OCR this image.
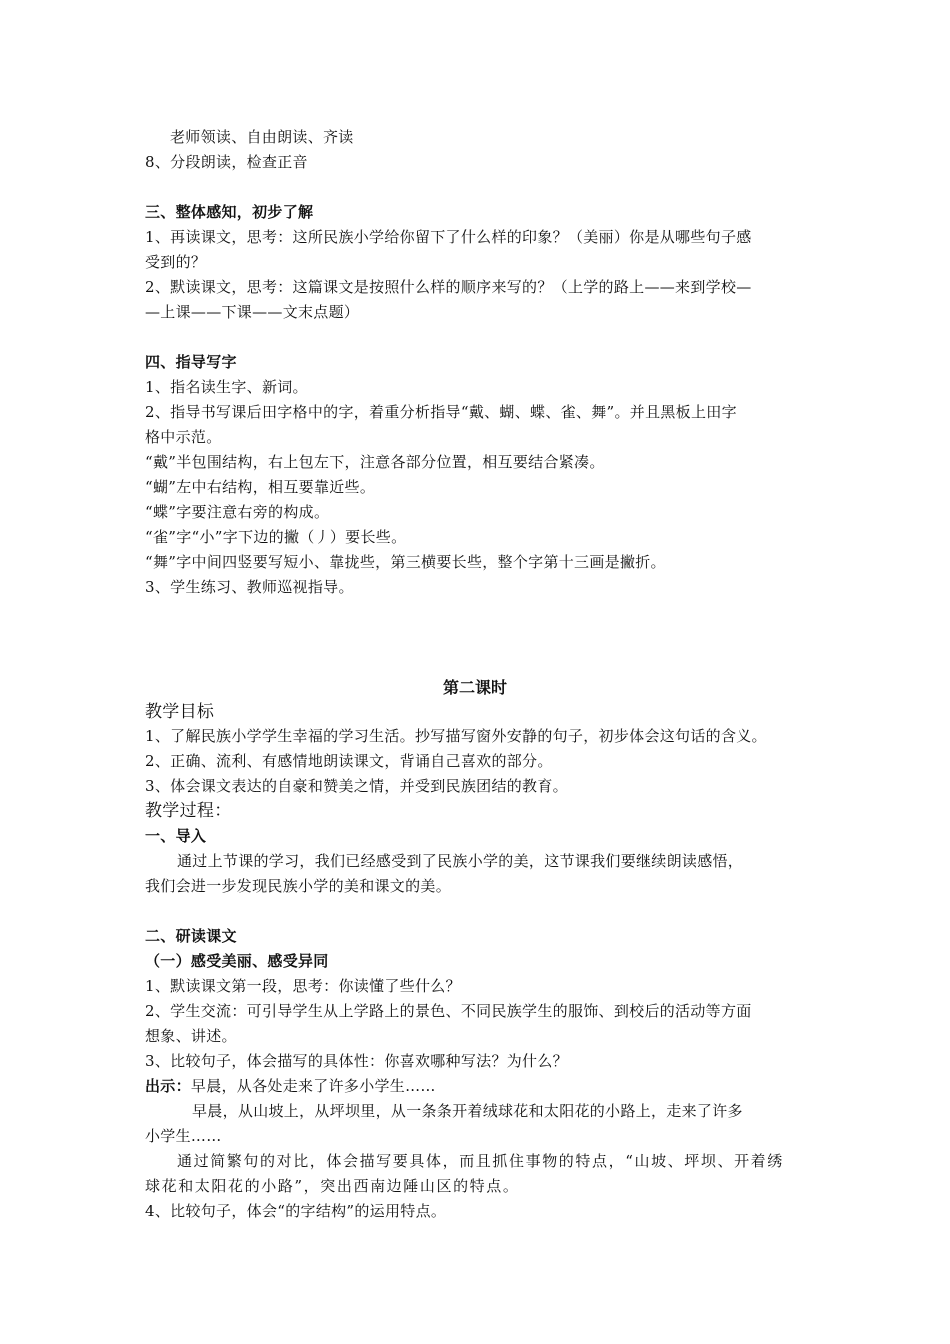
老师领读、自由朗读、齐读
8、分段朗读，检查正音
三、整体感知，初步了解
1、再读课文，思考：这所民族小学给你留下了什么样的印象？（美丽）你是从哪些句子感
受到的？
2、默读课文，思考：这篇课文是按照什么样的顺序来写的？（上学的路上——来到学校—
—上课——下课——文末点题）
四、指导写字
1、指名读生字、新词。
2、指导书写课后田字格中的字，着重分析指导“戴、蝴、蝶、雀、舞”。并且黑板上田字
格中示范。
“戴”半包围结构，右上包左下，注意各部分位置，相互要结合紧凑。
“蝴”左中右结构，相互要靠近些。
“蝶”字要注意右旁的构成。
“雀”字“小”字下边的撇（丿）要长些。
“舞”字中间四竖要写短小、靠拢些，第三横要长些，整个字第十三画是撇折。
3、学生练习、教师巡视指导。
第二课时
教学目标
1、了解民族小学学生幸福的学习生活。抄写描写窗外安静的句子，初步体会这句话的含义。
2、正确、流利、有感情地朗读课文，背诵自己喜欢的部分。
3、体会课文表达的自豪和赞美之情，并受到民族团结的教育。
教学过程：
一、导入
通过上节课的学习，我们已经感受到了民族小学的美，这节课我们要继续朗读感悟，
我们会进一步发现民族小学的美和课文的美。
二、研读课文
（一）感受美丽、感受异同
1、默读课文第一段，思考：你读懂了些什么？
2、学生交流：可引导学生从上学路上的景色、不同民族学生的服饰、到校后的活动等方面
想象、讲述。
3、比较句子，体会描写的具体性：你喜欢哪种写法？为什么？
出示：早晨，从各处走来了许多小学生……
早晨，从山坡上，从坪坝里，从一条条开着绒球花和太阳花的小路上，走来了许多
小学生……
通过简繁句的对比，体会描写要具体，而且抓住事物的特点，“山坡、坪坝、开着绣
球花和太阳花的小路”，突出西南边陲山区的特点。
4、比较句子，体会“的字结构”的运用特点。
